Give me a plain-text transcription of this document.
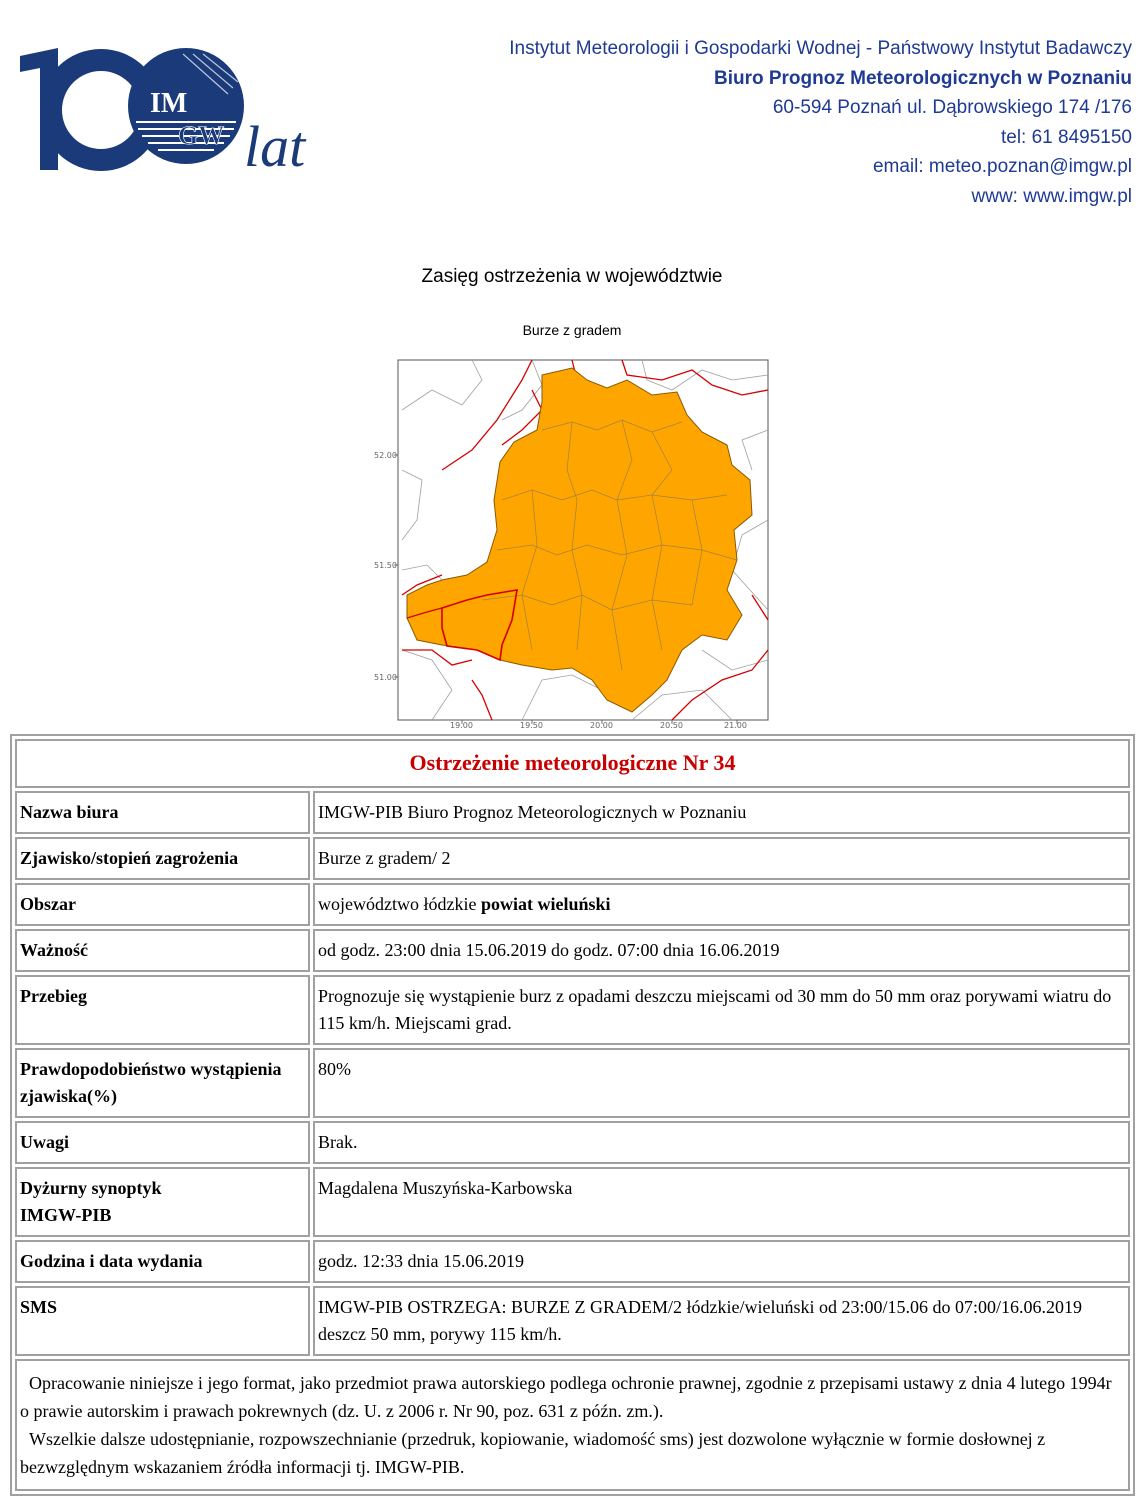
IM
GW lat
Instytut Meteorologii i Gospodarki Wodnej - Państwowy Instytut Badawczy
Biuro Prognoz Meteorologicznych w Poznaniu
60-594 Poznań ul. Dąbrowskiego 174 /176
tel: 61 8495150
email: meteo.poznan@imgw.pl
www: www.imgw.pl
Zasięg ostrzeżenia w województwie
Burze z gradem
52.00
51.50
51.00
19.00	19.50	20.00	20.50	21.00
Ostrzeżenie meteorologiczne Nr 34	
Nazwa biura	IMGW-PIB Biuro Prognoz Meteorologicznych w Poznaniu
Zjawisko/stopień zagrożenia	Burze z gradem/ 2
Obszar	województwo łódzkie powiat wieluński
Ważność	od godz. 23:00 dnia 15.06.2019 do godz. 07:00 dnia 16.06.2019
Przebieg	Prognozuje się wystąpienie burz z opadami deszczu miejscami od 30 mm do 50 mm oraz porywami wiatru do 115 km/h. Miejscami grad.
Prawdopodobieństwo wystąpienia zjawiska(%)	80%
Uwagi	Brak.
Dyżurny synoptyk
IMGW-PIB	Magdalena Muszyńska-Karbowska
Godzina i data wydania	godz. 12:33 dnia 15.06.2019
SMS	IMGW-PIB OSTRZEGA: BURZE Z GRADEM/2 łódzkie/wieluński od 23:00/15.06 do 07:00/16.06.2019 deszcz 50 mm, porywy 115 km/h.

Opracowanie niniejsze i jego format, jako przedmiot prawa autorskiego podlega ochronie prawnej, zgodnie z przepisami ustawy z dnia 4 lutego 1994r o prawie autorskim i prawach pokrewnych (dz. U. z 2006 r. Nr 90, poz. 631 z późn. zm.).
Wszelkie dalsze udostępnianie, rozpowszechnianie (przedruk, kopiowanie, wiadomość sms) jest dozwolone wyłącznie w formie dosłownej z bezwzględnym wskazaniem źródła informacji tj. IMGW-PIB.	
